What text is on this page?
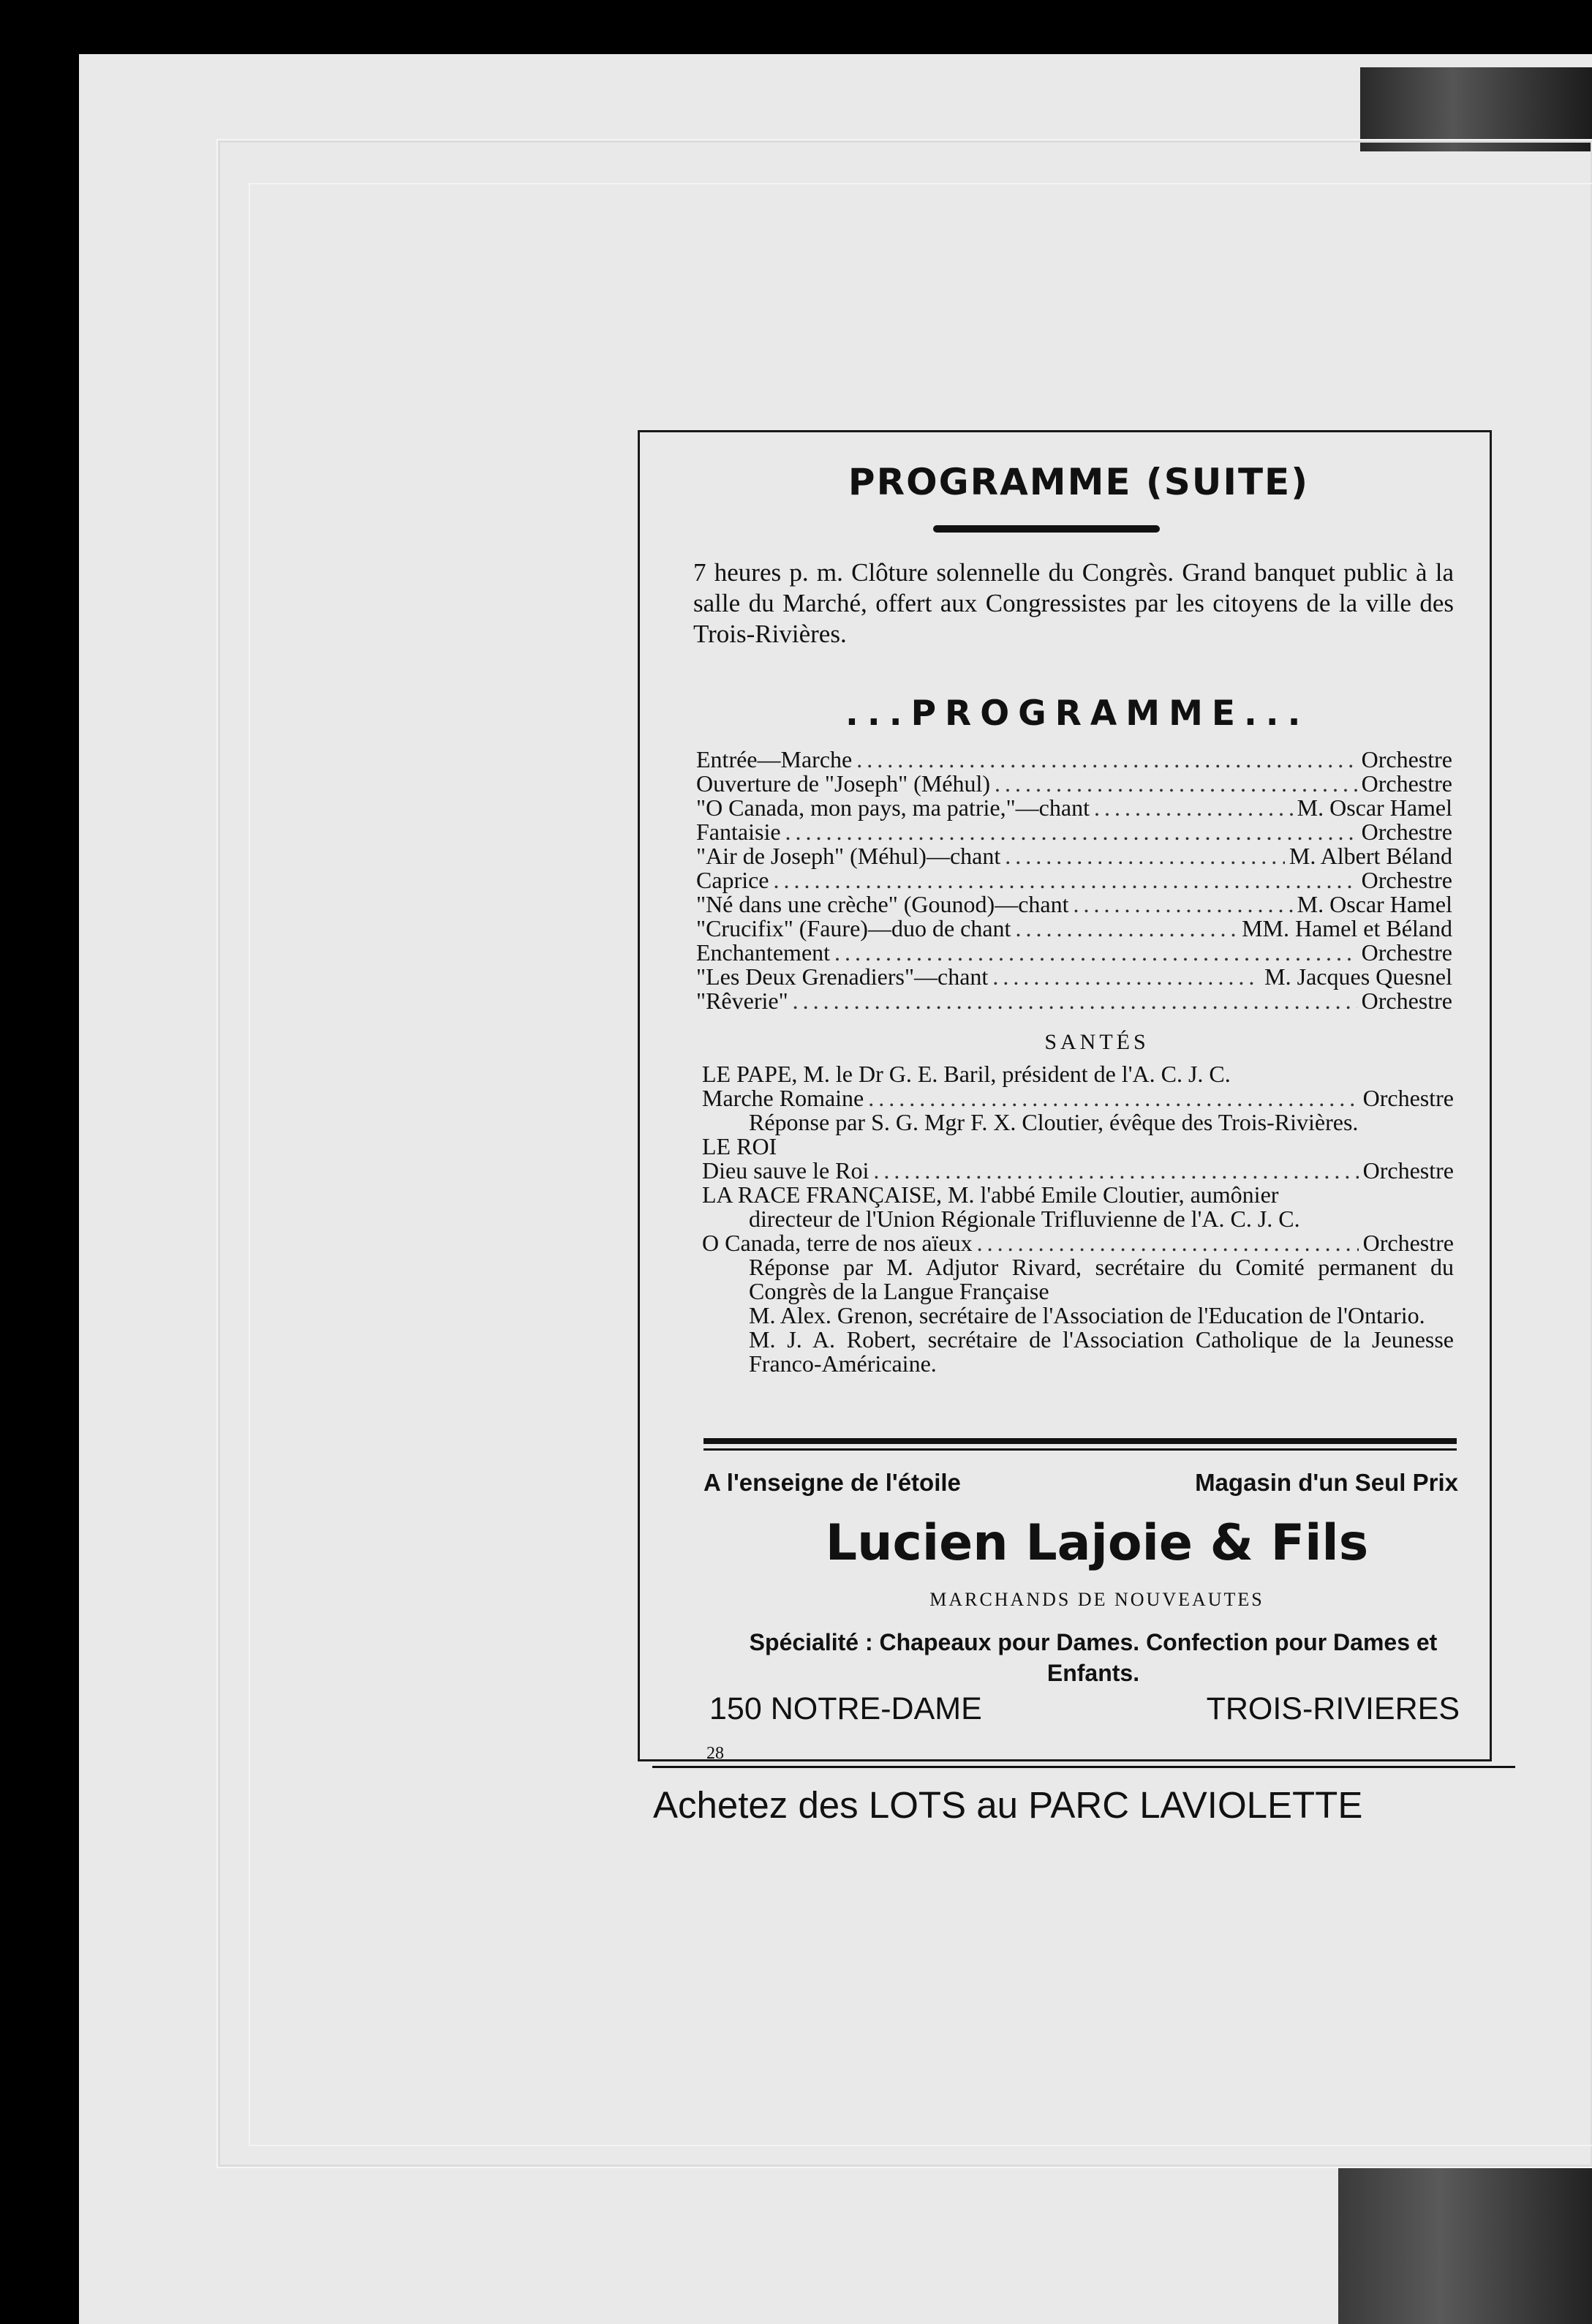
PROGRAMME (SUITE)
7 heures p. m. Clôture solennelle du Congrès. Grand banquet public à la salle du Marché, offert aux Congressistes par les citoyens de la ville des Trois-Rivières.
...PROGRAMME...
Entrée—Marche .....	Orchestre
Ouverture de "Joseph" (Méhul) .....	Orchestre
"O Canada, mon pays, ma patrie,"—chant .....	M. Oscar Hamel
Fantaisie .....	Orchestre
"Air de Joseph" (Méhul)—chant .....	M. Albert Béland
Caprice .....	Orchestre
"Né dans une crèche" (Gounod)—chant .....	M. Oscar Hamel
"Crucifix" (Faure)—duo de chant .....	MM. Hamel et Béland
Enchantement .....	Orchestre
"Les Deux Grenadiers"—chant .....	M. Jacques Quesnel
"Rêverie" .....	Orchestre
SANTÉS
LE PAPE, M. le Dr G. E. Baril, président de l'A. C. J. C.
Marche Romaine .....	Orchestre
Réponse par S. G. Mgr F. X. Cloutier, évêque des Trois-Rivières.
LE ROI
Dieu sauve le Roi .....	Orchestre
LA RACE FRANÇAISE, M. l'abbé Emile Cloutier, aumônier
directeur de l'Union Régionale Trifluvienne de l'A. C. J. C.
O Canada, terre de nos aïeux .....	Orchestre
Réponse par M. Adjutor Rivard, secrétaire du Comité permanent du Congrès de la Langue Française
M. Alex. Grenon, secrétaire de l'Association de l'Education de l'Ontario.
M. J. A. Robert, secrétaire de l'Association Catholique de la Jeunesse Franco-Américaine.
A l'enseigne de l'étoile	Magasin d'un Seul Prix
Lucien Lajoie & Fils
MARCHANDS DE NOUVEAUTES
Spécialité : Chapeaux pour Dames. Confection pour Dames et Enfants.
150 NOTRE-DAME	TROIS-RIVIERES
28
Achetez des LOTS au PARC LAVIOLETTE
